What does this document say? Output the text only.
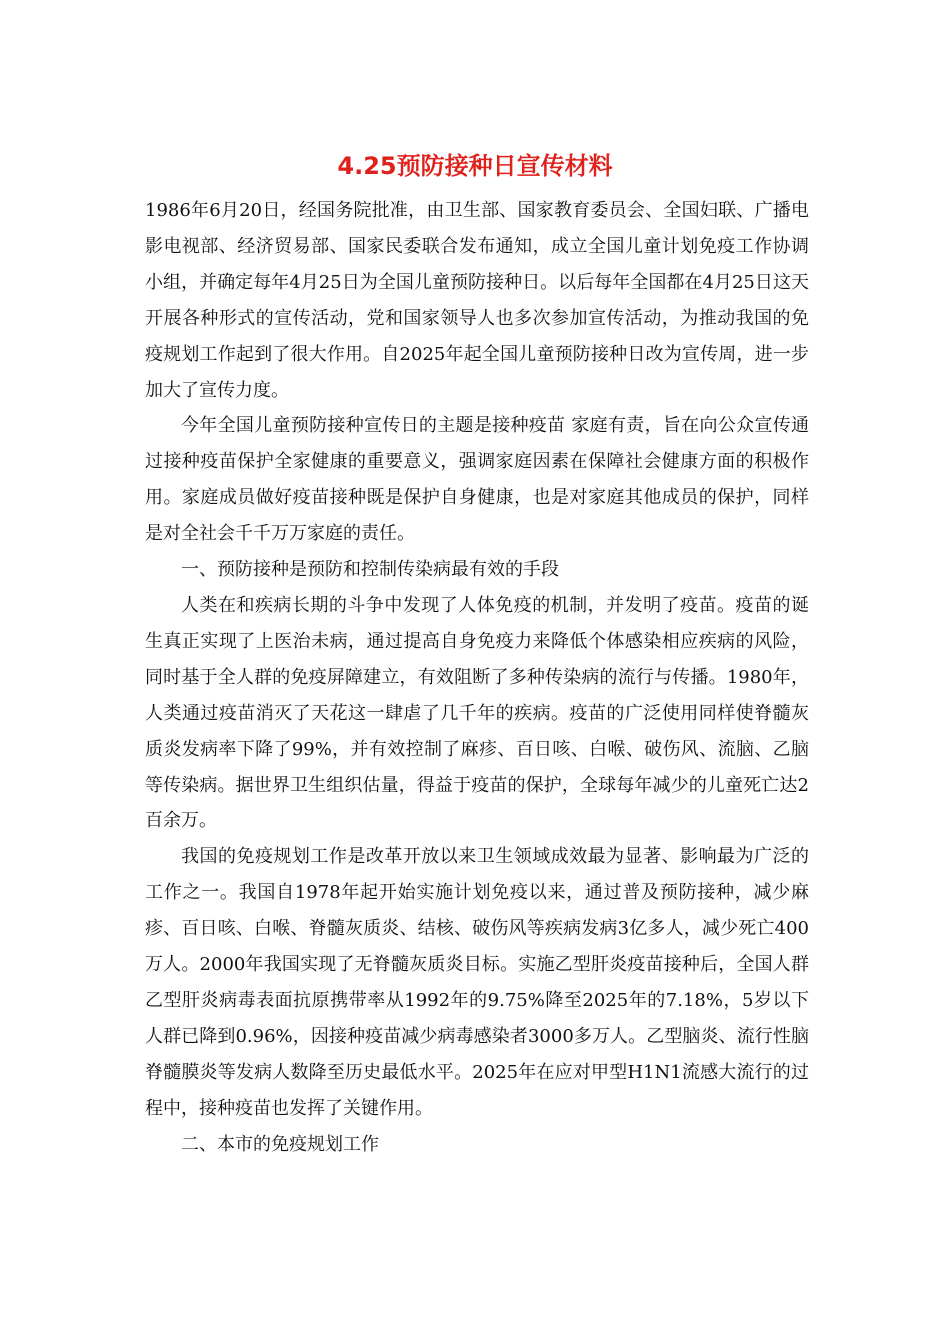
4.25预防接种日宣传材料

1986年6月20日，经国务院批准，由卫生部、国家教育委员会、全国妇联、广播电影电视部、经济贸易部、国家民委联合发布通知，成立全国儿童计划免疫工作协调小组，并确定每年4月25日为全国儿童预防接种日。以后每年全国都在4月25日这天开展各种形式的宣传活动，党和国家领导人也多次参加宣传活动，为推动我国的免疫规划工作起到了很大作用。自2025年起全国儿童预防接种日改为宣传周，进一步加大了宣传力度。

今年全国儿童预防接种宣传日的主题是接种疫苗 家庭有责，旨在向公众宣传通过接种疫苗保护全家健康的重要意义，强调家庭因素在保障社会健康方面的积极作用。家庭成员做好疫苗接种既是保护自身健康，也是对家庭其他成员的保护，同样是对全社会千千万万家庭的责任。

一、预防接种是预防和控制传染病最有效的手段

人类在和疾病长期的斗争中发现了人体免疫的机制，并发明了疫苗。疫苗的诞生真正实现了上医治未病，通过提高自身免疫力来降低个体感染相应疾病的风险，同时基于全人群的免疫屏障建立，有效阻断了多种传染病的流行与传播。1980年，人类通过疫苗消灭了天花这一肆虐了几千年的疾病。疫苗的广泛使用同样使脊髓灰质炎发病率下降了99%，并有效控制了麻疹、百日咳、白喉、破伤风、流脑、乙脑等传染病。据世界卫生组织估量，得益于疫苗的保护，全球每年减少的儿童死亡达2百余万。

我国的免疫规划工作是改革开放以来卫生领域成效最为显著、影响最为广泛的工作之一。我国自1978年起开始实施计划免疫以来，通过普及预防接种，减少麻疹、百日咳、白喉、脊髓灰质炎、结核、破伤风等疾病发病3亿多人，减少死亡400万人。2000年我国实现了无脊髓灰质炎目标。实施乙型肝炎疫苗接种后，全国人群乙型肝炎病毒表面抗原携带率从1992年的9.75%降至2025年的7.18%，5岁以下人群已降到0.96%，因接种疫苗减少病毒感染者3000多万人。乙型脑炎、流行性脑脊髓膜炎等发病人数降至历史最低水平。2025年在应对甲型H1N1流感大流行的过程中，接种疫苗也发挥了关键作用。

二、本市的免疫规划工作
